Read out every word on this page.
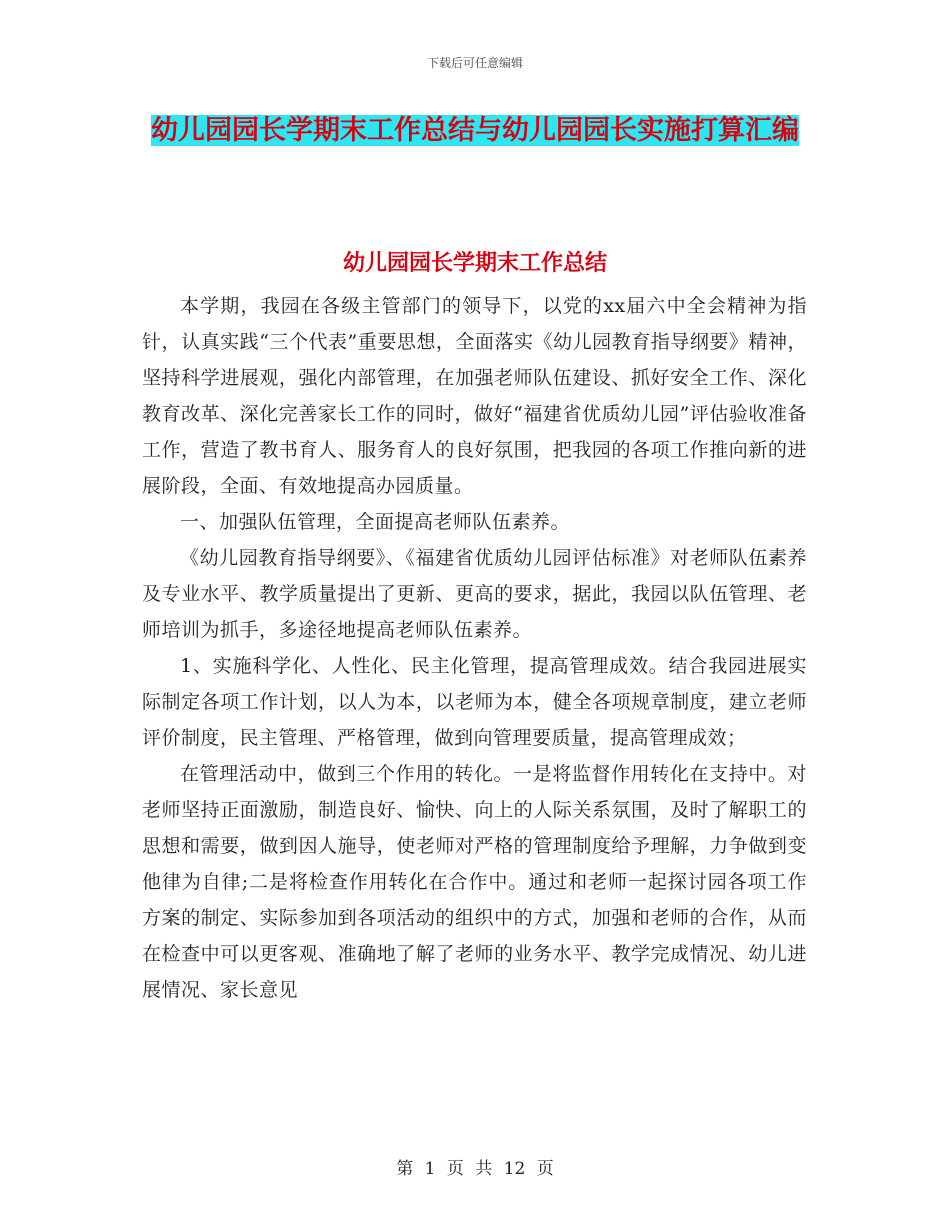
下载后可任意编辑
幼儿园园长学期末工作总结与幼儿园园长实施打算汇编
幼儿园园长学期末工作总结

本学期，我园在各级主管部门的领导下，以党的xx届六中全会精神为指针，认真实践“三个代表”重要思想，全面落实《幼儿园教育指导纲要》精神，坚持科学进展观，强化内部管理，在加强老师队伍建设、抓好安全工作、深化教育改革、深化完善家长工作的同时，做好“福建省优质幼儿园”评估验收准备工作，营造了教书育人、服务育人的良好氛围，把我园的各项工作推向新的进展阶段，全面、有效地提高办园质量。

一、加强队伍管理，全面提高老师队伍素养。

《幼儿园教育指导纲要》、《福建省优质幼儿园评估标准》对老师队伍素养及专业水平、教学质量提出了更新、更高的要求，据此，我园以队伍管理、老师培训为抓手，多途径地提高老师队伍素养。

1、实施科学化、人性化、民主化管理，提高管理成效。结合我园进展实际制定各项工作计划，以人为本，以老师为本，健全各项规章制度，建立老师评价制度，民主管理、严格管理，做到向管理要质量，提高管理成效；

在管理活动中，做到三个作用的转化。一是将监督作用转化在支持中。对老师坚持正面激励，制造良好、愉快、向上的人际关系氛围，及时了解职工的思想和需要，做到因人施导，使老师对严格的管理制度给予理解，力争做到变他律为自律;二是将检查作用转化在合作中。通过和老师一起探讨园各项工作方案的制定、实际参加到各项活动的组织中的方式，加强和老师的合作，从而在检查中可以更客观、准确地了解了老师的业务水平、教学完成情况、幼儿进展情况、家长意见

第 1 页 共 12 页
